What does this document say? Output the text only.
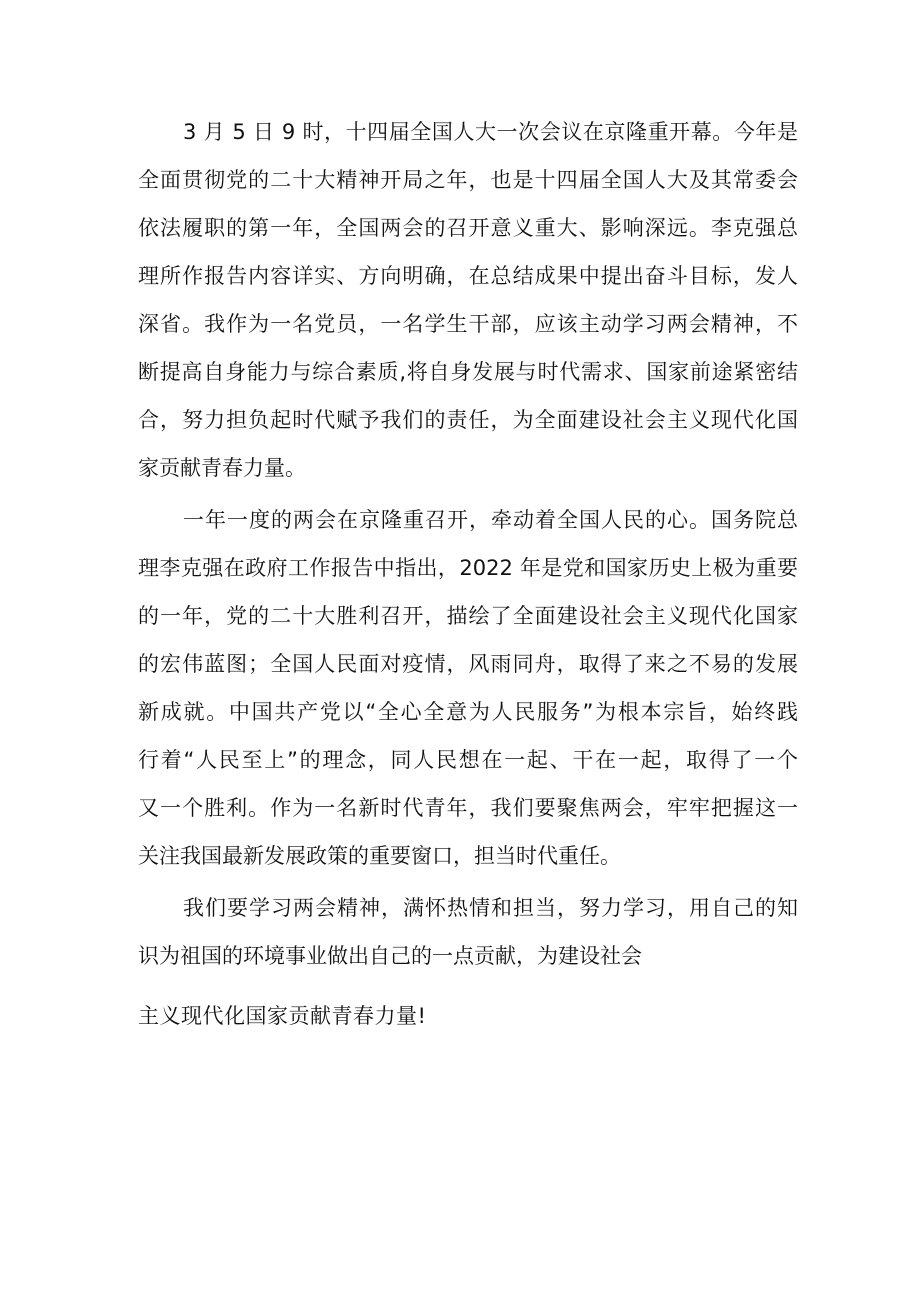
3 月 5 日 9 时，十四届全国人大一次会议在京隆重开幕。今年是
全面贯彻党的二十大精神开局之年，也是十四届全国人大及其常委会
依法履职的第一年，全国两会的召开意义重大、影响深远。李克强总
理所作报告内容详实、方向明确，在总结成果中提出奋斗目标，发人
深省。我作为一名党员，一名学生干部，应该主动学习两会精神，不
断提高自身能力与综合素质,将自身发展与时代需求、国家前途紧密结
合，努力担负起时代赋予我们的责任，为全面建设社会主义现代化国
家贡献青春力量。
一年一度的两会在京隆重召开，牵动着全国人民的心。国务院总
理李克强在政府工作报告中指出，2022 年是党和国家历史上极为重要
的一年，党的二十大胜利召开，描绘了全面建设社会主义现代化国家
的宏伟蓝图；全国人民面对疫情，风雨同舟，取得了来之不易的发展
新成就。中国共产党以“全心全意为人民服务”为根本宗旨，始终践
行着“人民至上”的理念，同人民想在一起、干在一起，取得了一个
又一个胜利。作为一名新时代青年，我们要聚焦两会，牢牢把握这一
关注我国最新发展政策的重要窗口，担当时代重任。
我们要学习两会精神，满怀热情和担当，努力学习，用自己的知
识为祖国的环境事业做出自己的一点贡献，为建设社会
主义现代化国家贡献青春力量!
